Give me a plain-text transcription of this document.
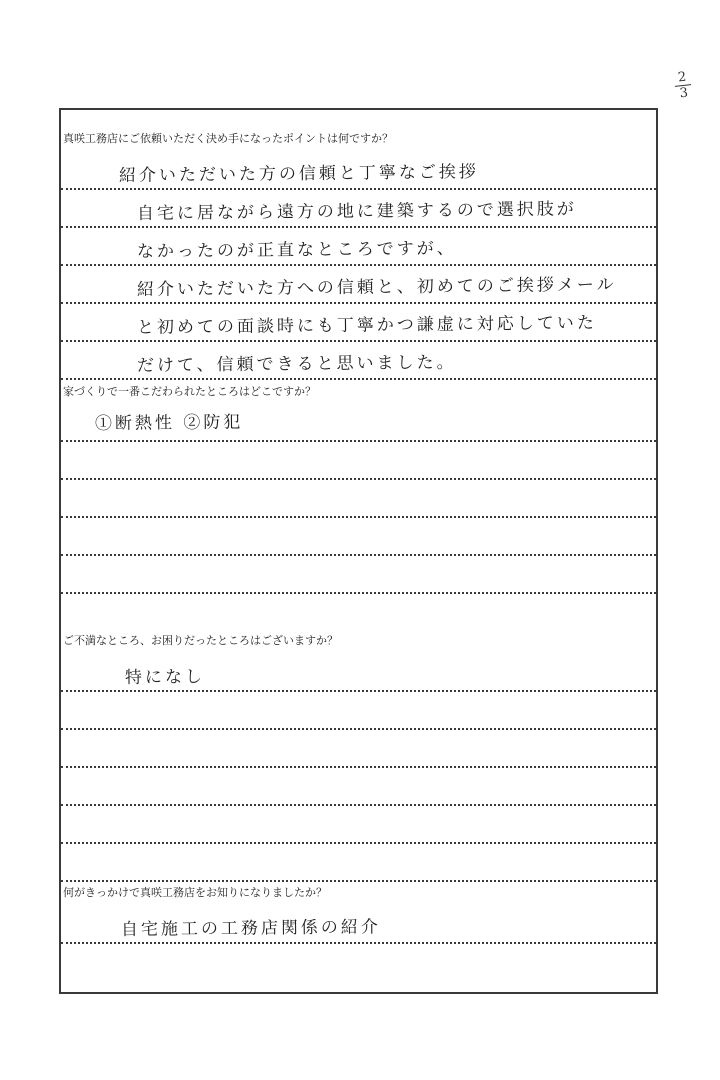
2
3
真咲工務店にご依頼いただく決め手になったポイントは何ですか？
紹介いただいた方の信頼と丁寧なご挨拶
自宅に居ながら遠方の地に建築するので選択肢が
なかったのが正直なところですが、
紹介いただいた方への信頼と、初めてのご挨拶メール
と初めての面談時にも丁寧かつ謙虚に対応していた
だけて、信頼できると思いました。
家づくりで一番こだわられたところはどこですか？
①断熱性 ②防犯
ご不満なところ、お困りだったところはございますか？
特になし
何がきっかけで真咲工務店をお知りになりましたか？
自宅施工の工務店関係の紹介
